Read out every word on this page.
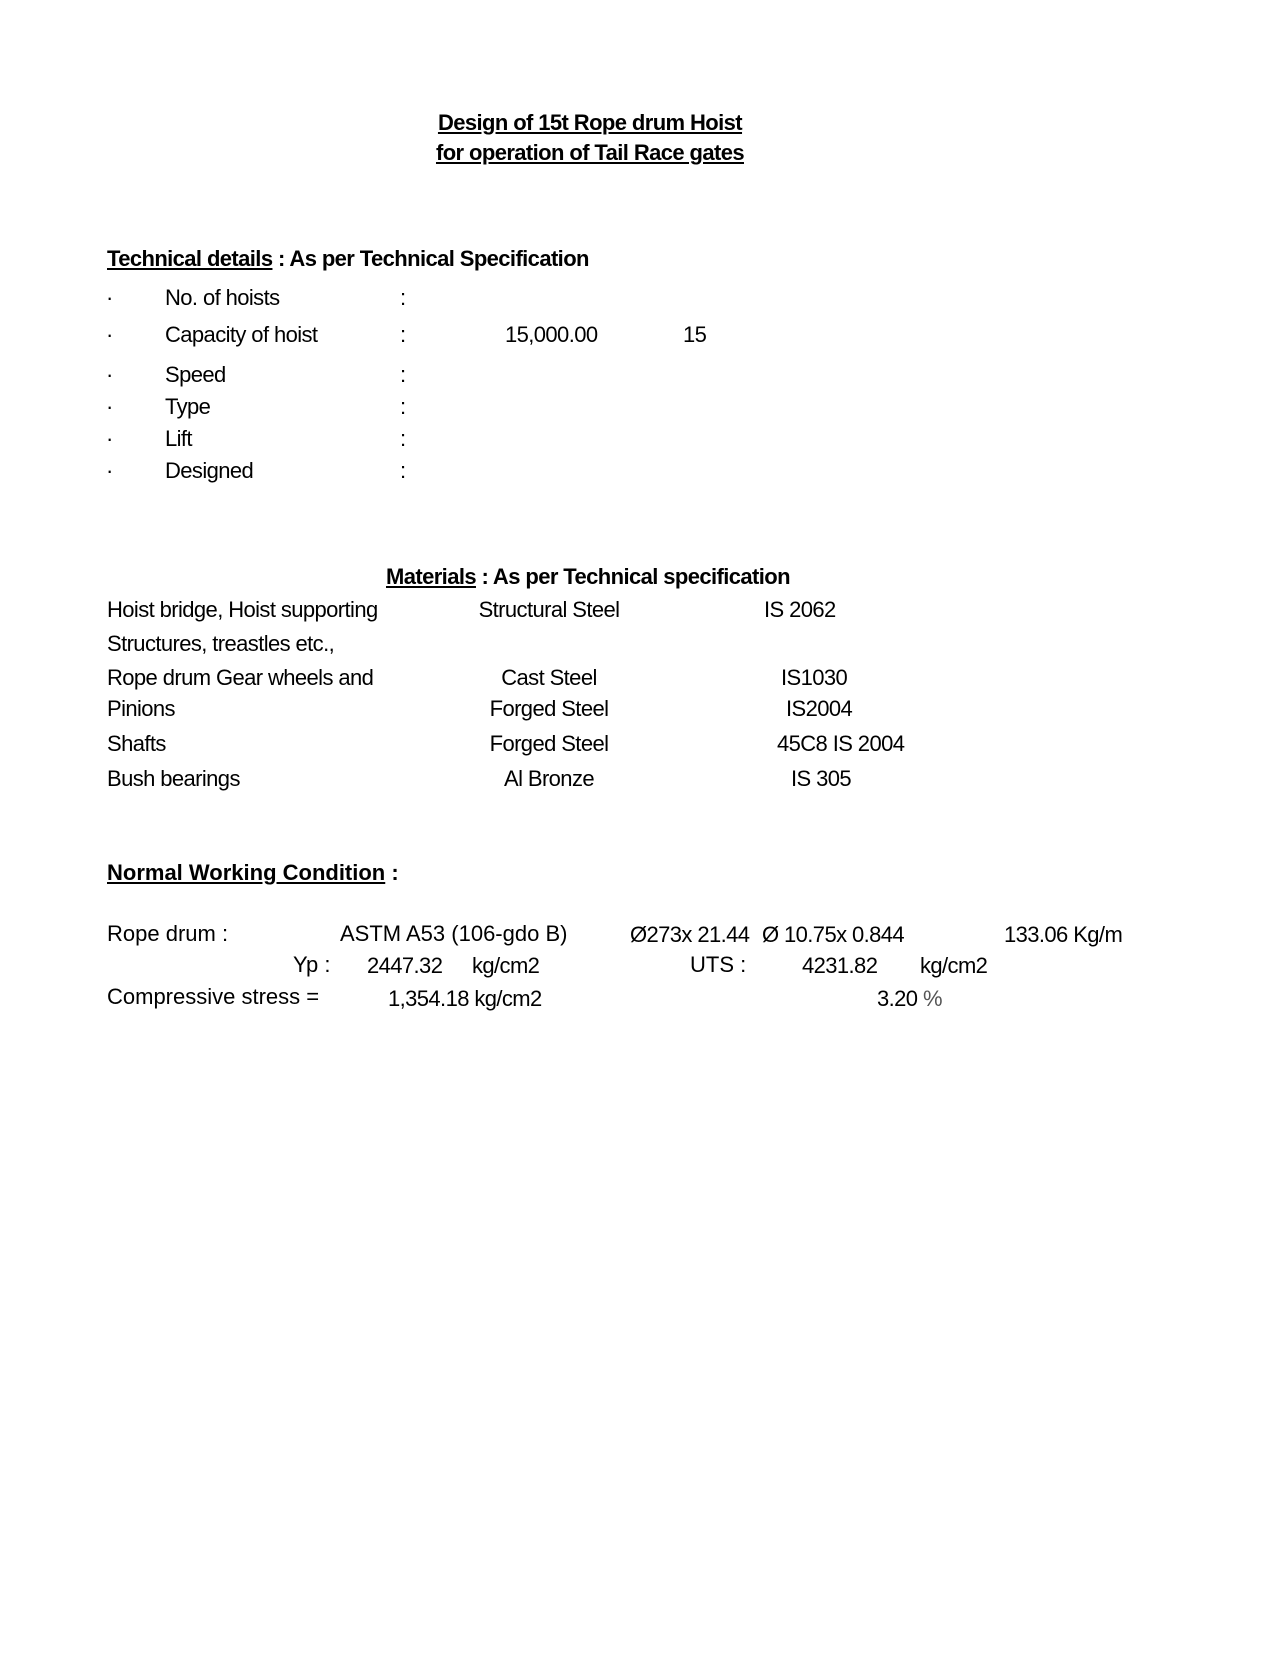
Design of 15t Rope drum Hoist
for operation of Tail Race gates
Technical details : As per Technical Specification
· No. of hoists	:
· Capacity of hoist	:	15,000.00	15
· Speed	:
· Type	:
· Lift	:
· Designed	:
Materials : As per Technical specification
Hoist bridge, Hoist supporting	Structural Steel	IS 2062
Structures, treastles etc.,
Rope drum Gear wheels and	Cast Steel	IS1030
Pinions	Forged Steel	IS2004
Shafts	Forged Steel	45C8 IS 2004
Bush bearings	Al Bronze	IS 305
Normal Working Condition :
Rope drum :	ASTM A53 (106-gdo B)	Ø273x 21.44 Ø 10.75x 0.844	133.06 Kg/m
Yp : 2447.32 kg/cm2	UTS :	4231.82 kg/cm2
Compressive stress =	1,354.18 kg/cm2	3.20 %
